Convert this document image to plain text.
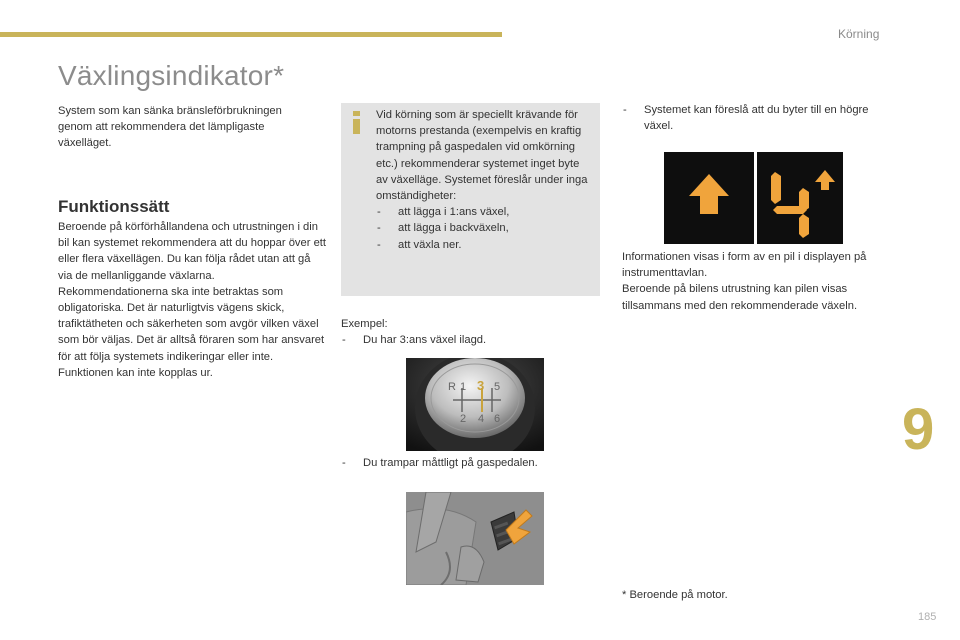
Körning
9
185
Växlingsindikator*
System som kan sänka bränsleförbrukningen genom att rekommendera det lämpligaste växelläget.
Funktionssätt

Beroende på körförhållandena och utrustningen i din bil kan systemet rekommendera att du hoppar över ett eller flera växellägen. Du kan följa rådet utan att gå via de mellanliggande växlarna.

Rekommendationerna ska inte betraktas som obligatoriska. Det är naturligtvis vägens skick, trafiktätheten och säkerheten som avgör vilken växel som bör väljas. Det är alltså föraren som har ansvaret för att följa systemets indikeringar eller inte.

Funktionen kan inte kopplas ur.

Vid körning som är speciellt krävande för motorns prestanda (exempelvis en kraftig trampning på gaspedalen vid omkörning etc.) rekommenderar systemet inget byte av växelläge. Systemet föreslår under inga omständigheter:

- att lägga i 1:ans växel,
- att lägga i backväxeln,
- att växla ner.

Exempel:

- Du har 3:ans växel ilagd.
R 1 3 5
2 4 6
- Du trampar måttligt på gaspedalen.
- Systemet kan föreslå att du byter till en högre växel.
4

Informationen visas i form av en pil i displayen på instrumenttavlan.

Beroende på bilens utrustning kan pilen visas tillsammans med den rekommenderade växeln.

* Beroende på motor.
